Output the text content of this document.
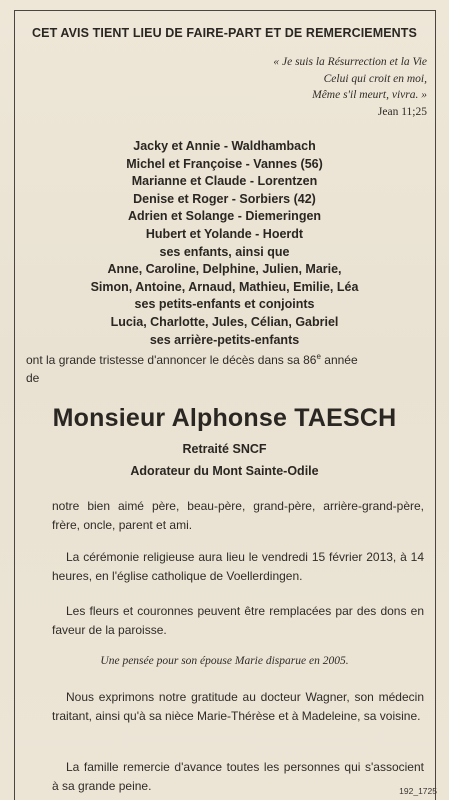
CET AVIS TIENT LIEU DE FAIRE-PART ET DE REMERCIEMENTS
« Je suis la Résurrection et la Vie
Celui qui croit en moi,
Même s'il meurt, vivra. »
Jean 11;25
Jacky et Annie - Waldhambach
Michel et Françoise - Vannes (56)
Marianne et Claude - Lorentzen
Denise et Roger - Sorbiers (42)
Adrien et Solange - Diemeringen
Hubert et Yolande - Hoerdt
ses enfants, ainsi que
Anne, Caroline, Delphine, Julien, Marie,
Simon, Antoine, Arnaud, Mathieu, Emilie, Léa
ses petits-enfants et conjoints
Lucia, Charlotte, Jules, Célian, Gabriel
ses arrière-petits-enfants
ont la grande tristesse d'annoncer le décès dans sa 86e année
de
Monsieur Alphonse TAESCH
Retraité SNCF
Adorateur du Mont Sainte-Odile
notre bien aimé père, beau-père, grand-père, arrière-grand-père, frère, oncle, parent et ami.
La cérémonie religieuse aura lieu le vendredi 15 février 2013, à 14 heures, en l'église catholique de Voellerdingen.
Les fleurs et couronnes peuvent être remplacées par des dons en faveur de la paroisse.
Une pensée pour son épouse Marie disparue en 2005.
Nous exprimons notre gratitude au docteur Wagner, son médecin traitant, ainsi qu'à sa nièce Marie-Thérèse et à Madeleine, sa voisine.
La famille remercie d'avance toutes les personnes qui s'associent à sa grande peine.	192_1725
